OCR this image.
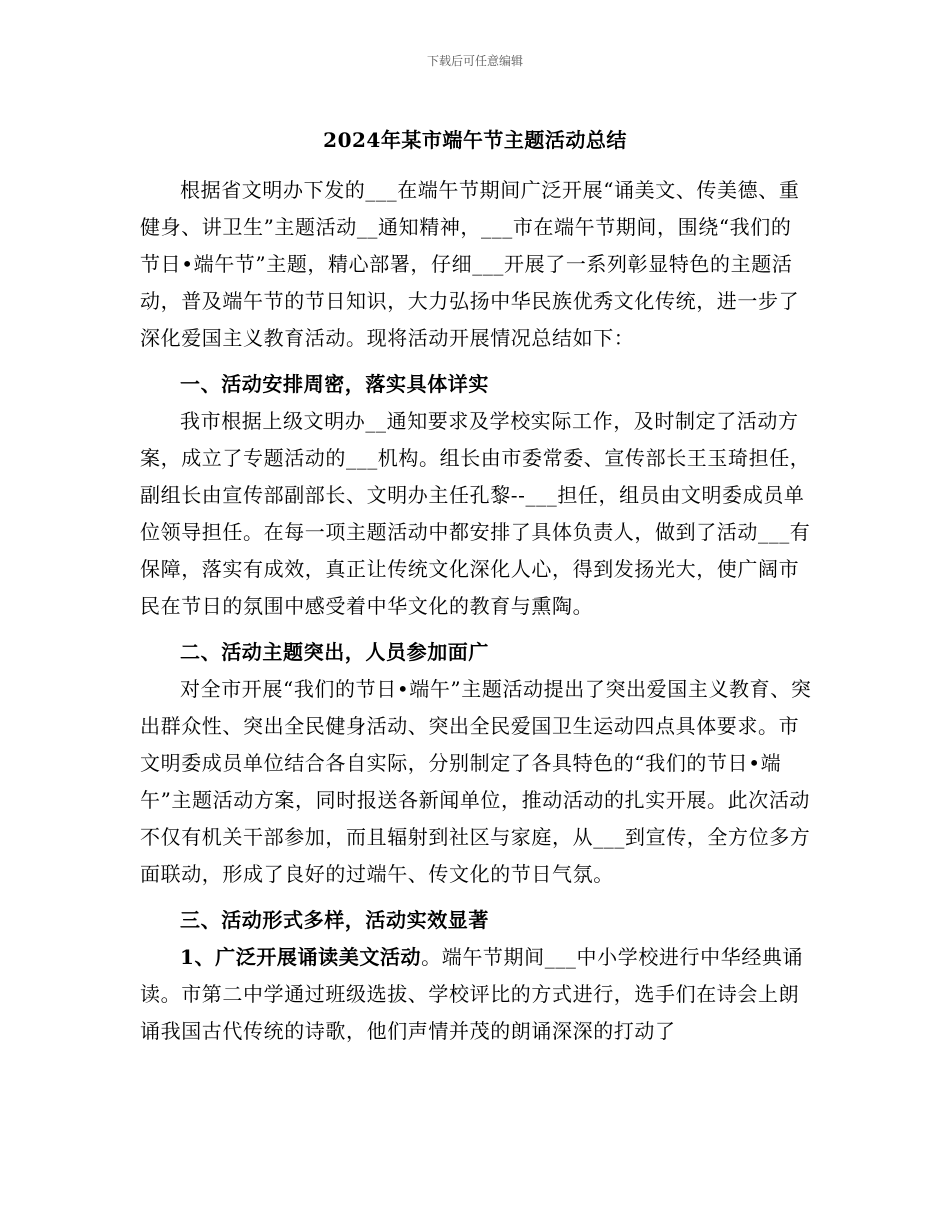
下载后可任意编辑
2024年某市端午节主题活动总结

根据省文明办下发的___在端午节期间广泛开展“诵美文、传美德、重健身、讲卫生”主题活动__通知精神，___市在端午节期间，围绕“我们的节日•端午节”主题，精心部署，仔细___开展了一系列彰显特色的主题活动，普及端午节的节日知识，大力弘扬中华民族优秀文化传统，进一步了深化爱国主义教育活动。现将活动开展情况总结如下：

一、活动安排周密，落实具体详实

我市根据上级文明办__通知要求及学校实际工作，及时制定了活动方案，成立了专题活动的___机构。组长由市委常委、宣传部长王玉琦担任，副组长由宣传部副部长、文明办主任孔黎--___担任，组员由文明委成员单位领导担任。在每一项主题活动中都安排了具体负责人，做到了活动___有保障，落实有成效，真正让传统文化深化人心，得到发扬光大，使广阔市民在节日的氛围中感受着中华文化的教育与熏陶。

二、活动主题突出，人员参加面广

对全市开展“我们的节日•端午”主题活动提出了突出爱国主义教育、突出群众性、突出全民健身活动、突出全民爱国卫生运动四点具体要求。市文明委成员单位结合各自实际，分别制定了各具特色的“我们的节日•端午”主题活动方案，同时报送各新闻单位，推动活动的扎实开展。此次活动不仅有机关干部参加，而且辐射到社区与家庭，从___到宣传，全方位多方面联动，形成了良好的过端午、传文化的节日气氛。

三、活动形式多样，活动实效显著

1、广泛开展诵读美文活动。端午节期间___中小学校进行中华经典诵读。市第二中学通过班级选拔、学校评比的方式进行，选手们在诗会上朗诵我国古代传统的诗歌，他们声情并茂的朗诵深深的打动了
